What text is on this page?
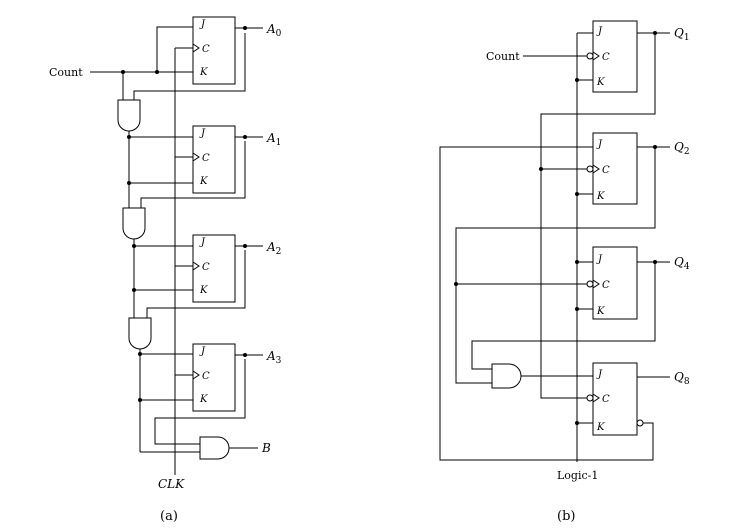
J
C
K
J
C
K
J
C
K
J
C
K
$A_0$
$A_1$
$A_2$
$A_3$
B
Count
CLK
(a)
J
C
K
J
C
K
J
C
K
J
C
K
$Q_1$
$Q_2$
$Q_4$
$Q_8$
Count
Logic-1
(b)
